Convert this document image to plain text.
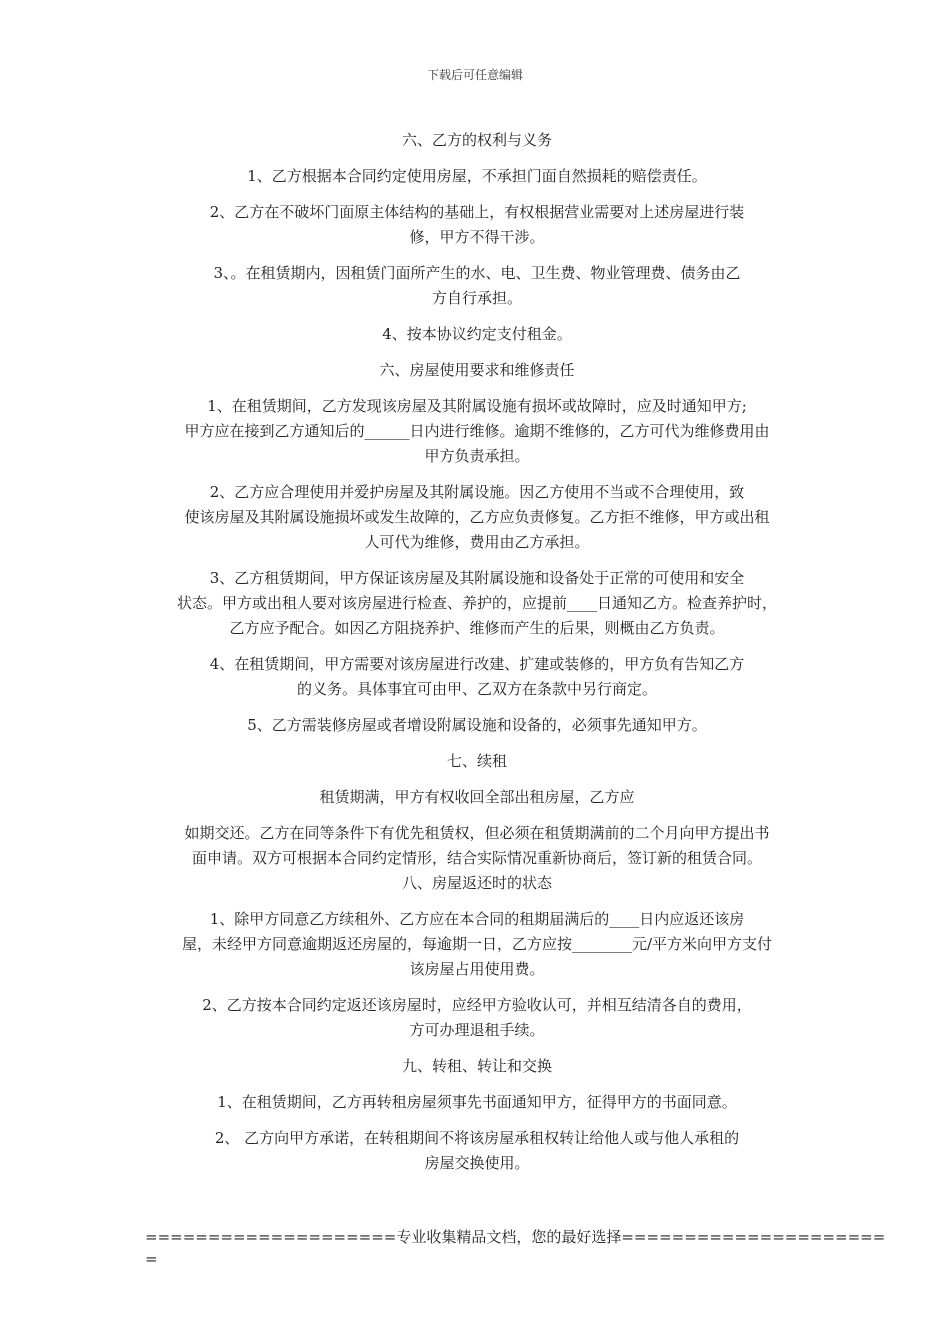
下载后可任意编辑
六、乙方的权利与义务
1、乙方根据本合同约定使用房屋，不承担门面自然损耗的赔偿责任。
2、乙方在不破坏门面原主体结构的基础上，有权根据营业需要对上述房屋进行装
修，甲方不得干涉。
3、。在租赁期内，因租赁门面所产生的水、电、卫生费、物业管理费、债务由乙
方自行承担。
4、按本协议约定支付租金。
六、房屋使用要求和维修责任
1、在租赁期间，乙方发现该房屋及其附属设施有损坏或故障时，应及时通知甲方;
甲方应在接到乙方通知后的______日内进行维修。逾期不维修的，乙方可代为维修费用由
甲方负责承担。
2、乙方应合理使用并爱护房屋及其附属设施。因乙方使用不当或不合理使用，致
使该房屋及其附属设施损坏或发生故障的，乙方应负责修复。乙方拒不维修，甲方或出租
人可代为维修，费用由乙方承担。
3、乙方租赁期间，甲方保证该房屋及其附属设施和设备处于正常的可使用和安全
状态。甲方或出租人要对该房屋进行检查、养护的，应提前____日通知乙方。检查养护时，
乙方应予配合。如因乙方阻挠养护、维修而产生的后果，则概由乙方负责。
4、在租赁期间，甲方需要对该房屋进行改建、扩建或装修的，甲方负有告知乙方
的义务。具体事宜可由甲、乙双方在条款中另行商定。
5、乙方需装修房屋或者增设附属设施和设备的，必须事先通知甲方。
七、续租
租赁期满，甲方有权收回全部出租房屋，乙方应
如期交还。乙方在同等条件下有优先租赁权，但必须在租赁期满前的二个月向甲方提出书
面申请。双方可根据本合同约定情形，结合实际情况重新协商后，签订新的租赁合同。
八、房屋返还时的状态
1、除甲方同意乙方续租外、乙方应在本合同的租期届满后的____日内应返还该房
屋，未经甲方同意逾期返还房屋的，每逾期一日，乙方应按________元/平方米向甲方支付
该房屋占用使用费。
2、乙方按本合同约定返还该房屋时，应经甲方验收认可，并相互结清各自的费用，
方可办理退租手续。
九、转租、转让和交换
1、在租赁期间，乙方再转租房屋须事先书面通知甲方，征得甲方的书面同意。
2、 乙方向甲方承诺，在转租期间不将该房屋承租权转让给他人或与他人承租的
房屋交换使用。
====================专业收集精品文档，您的最好选择=====================
=
